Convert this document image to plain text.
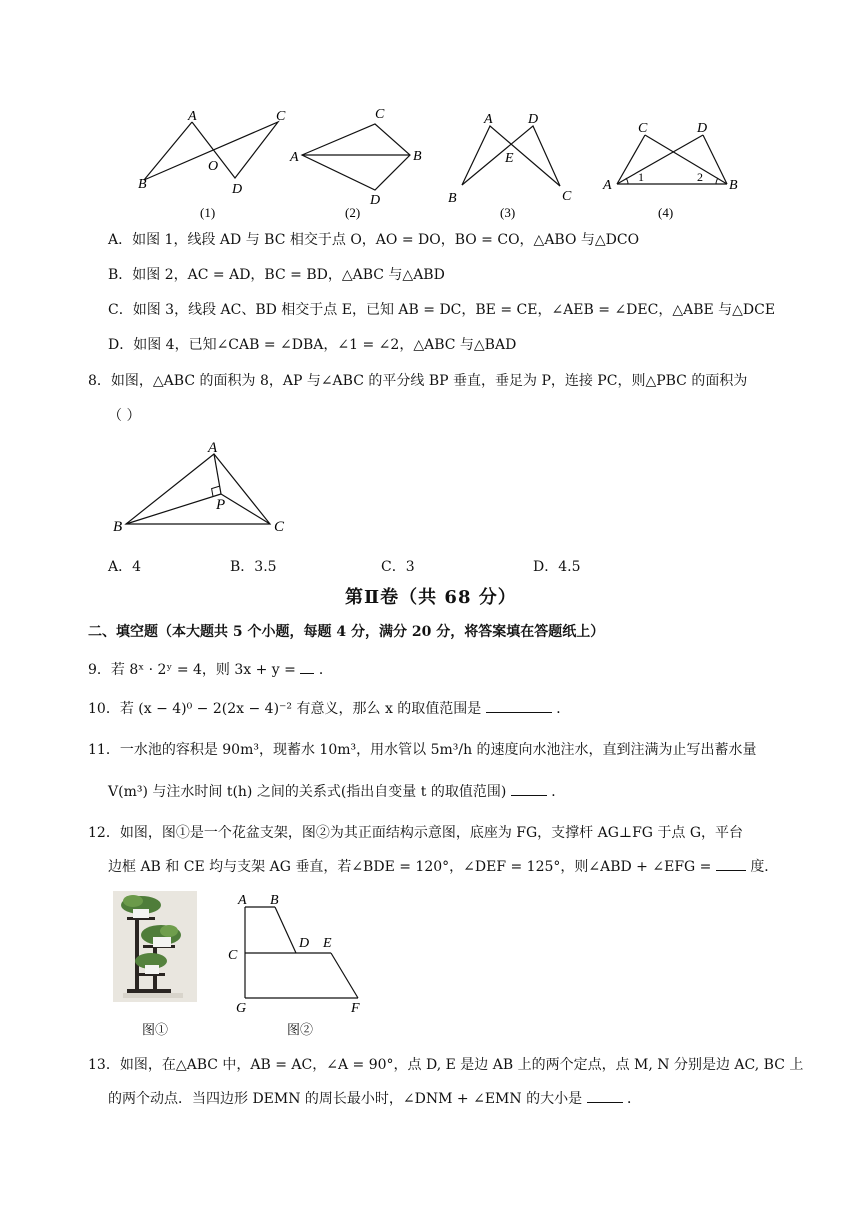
A
B
C
O
D
(1)
A	B
C
D
(2)
A	D
E
B	C
(3)
C	D
A	B
1	2
(4)
A．如图 1，线段 AD 与 BC 相交于点 O，AO = DO，BO = CO，△ABO 与△DCO
B．如图 2，AC = AD，BC = BD，△ABC 与△ABD
C．如图 3，线段 AC、BD 相交于点 E，已知 AB = DC，BE = CE，∠AEB = ∠DEC，△ABE 与△DCE
D．如图 4，已知∠CAB = ∠DBA，∠1 = ∠2，△ABC 与△BAD
8．如图，△ABC 的面积为 8，AP 与∠ABC 的平分线 BP 垂直，垂足为 P，连接 PC，则△PBC 的面积为
（ ）
A
B	C
P
A．4	B．3.5	C．3	D．4.5
第Ⅱ卷（共 68 分）
二、填空题（本大题共 5 个小题，每题 4 分，满分 20 分，将答案填在答题纸上）
9．若 8ˣ · 2ʸ = 4，则 3x + y = ．
10．若 (x − 4)⁰ − 2(2x − 4)⁻² 有意义，那么 x 的取值范围是	．
11．一水池的容积是 90m³，现蓄水 10m³，用水管以 5m³/h 的速度向水池注水，直到注满为止写出蓄水量
V(m³) 与注水时间 t(h) 之间的关系式(指出自变量 t 的取值范围)	．
12．如图，图①是一个花盆支架，图②为其正面结构示意图，底座为 FG，支撑杆 AG⊥FG 于点 G，平台
边框 AB 和 CE 均与支架 AG 垂直，若∠BDE = 120°，∠DEF = 125°，则∠ABD + ∠EFG =	度．
图①
A B
C
D E
G	F
图②
13．如图，在△ABC 中，AB = AC，∠A = 90°，点 D, E 是边 AB 上的两个定点，点 M, N 分别是边 AC, BC 上
的两个动点．当四边形 DEMN 的周长最小时，∠DNM + ∠EMN 的大小是	．
